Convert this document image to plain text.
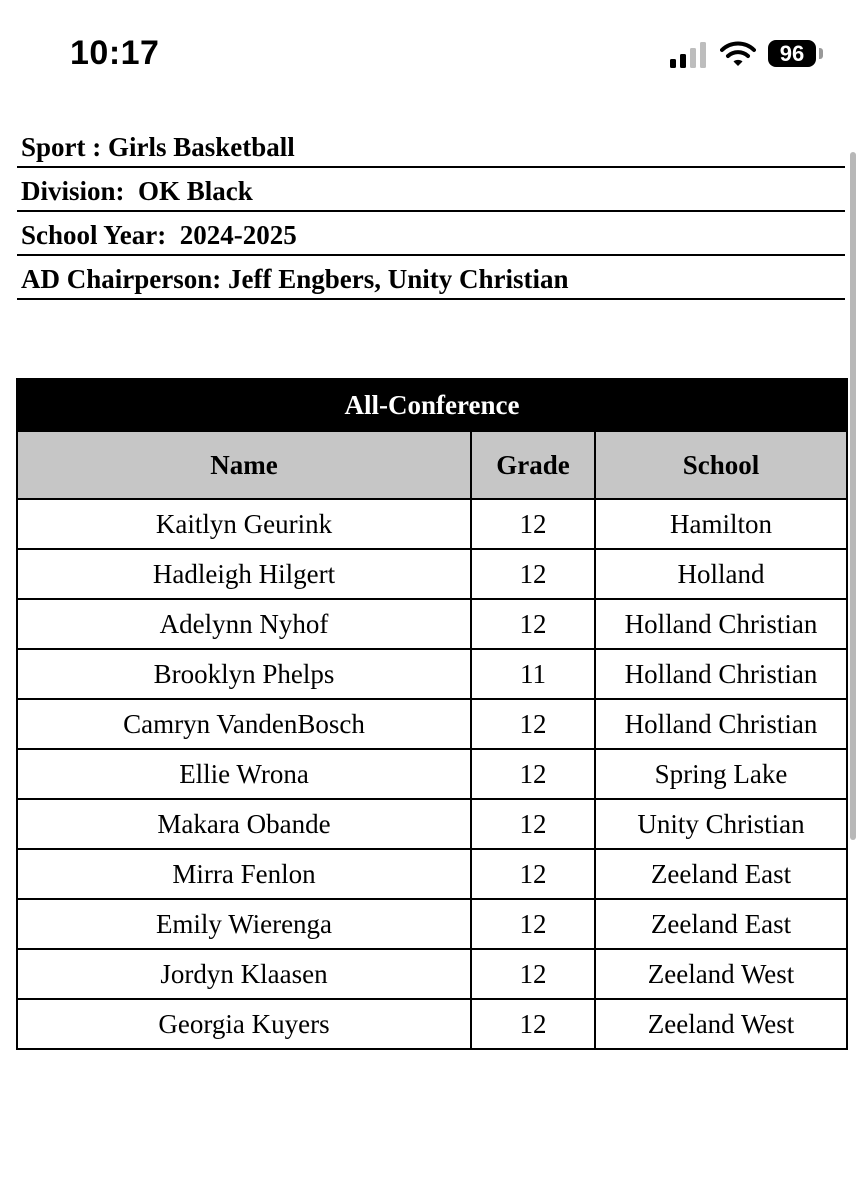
10:17	96
Sport : Girls Basketball
Division:  OK Black
School Year:  2024-2025
AD Chairperson: Jeff Engbers, Unity Christian
All-Conference		
Name	Grade	School
Kaitlyn Geurink	12	Hamilton
Hadleigh Hilgert	12	Holland
Adelynn Nyhof	12	Holland Christian
Brooklyn Phelps	11	Holland Christian
Camryn VandenBosch	12	Holland Christian
Ellie Wrona	12	Spring Lake
Makara Obande	12	Unity Christian
Mirra Fenlon	12	Zeeland East
Emily Wierenga	12	Zeeland East
Jordyn Klaasen	12	Zeeland West
Georgia Kuyers	12	Zeeland West
